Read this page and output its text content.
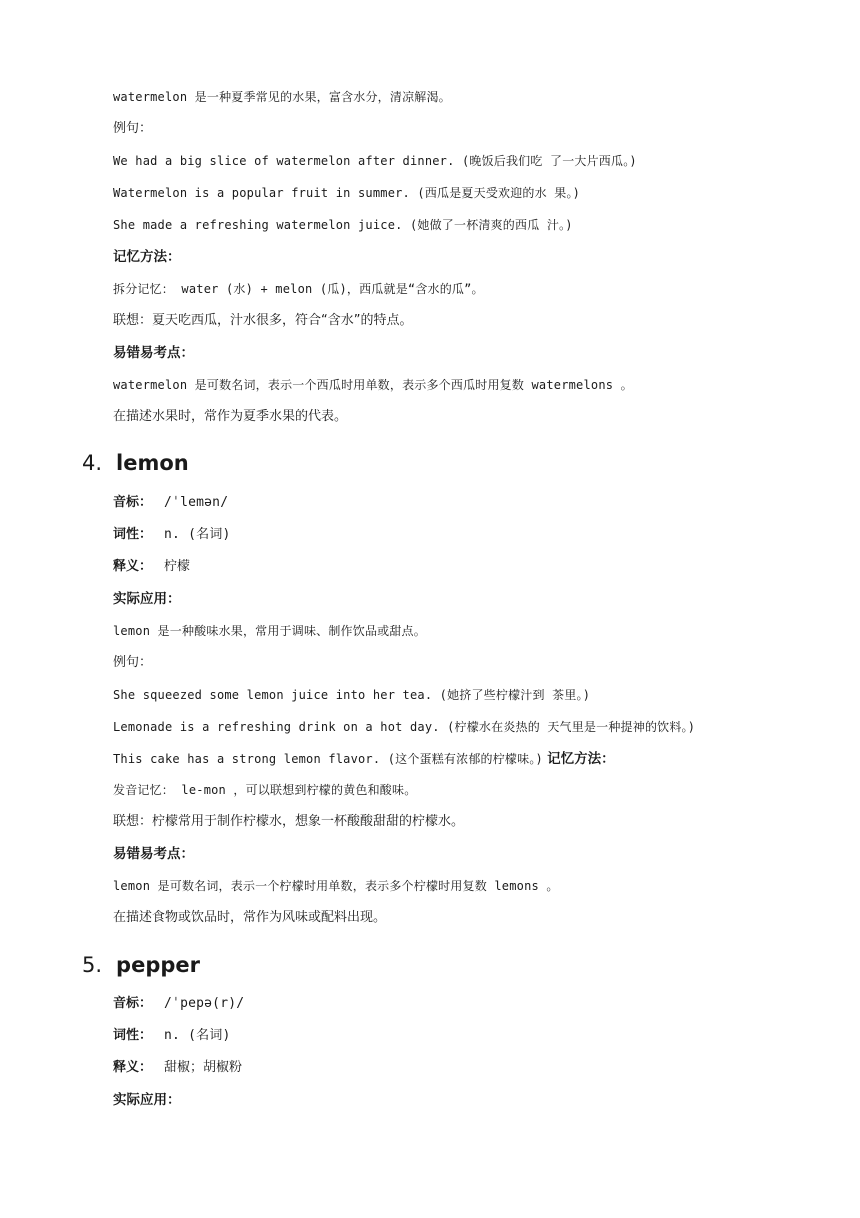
watermelon 是一种夏季常见的水果，富含水分，清凉解渴。
例句：
We had a big slice of watermelon after dinner. (晚饭后我们吃 了一大片西瓜。)
Watermelon is a popular fruit in summer. (西瓜是夏天受欢迎的水 果。)
She made a refreshing watermelon juice. (她做了一杯清爽的西瓜 汁。)
记忆方法：
拆分记忆： water (水) + melon (瓜)，西瓜就是“含水的瓜”。
联想：夏天吃西瓜，汁水很多，符合“含水”的特点。
易错易考点：
watermelon 是可数名词，表示一个西瓜时用单数，表示多个西瓜时用复数 watermelons 。
在描述水果时，常作为夏季水果的代表。
4. lemon
音标： /ˈlemən/
词性： n. (名词)
释义： 柠檬
实际应用：
lemon 是一种酸味水果，常用于调味、制作饮品或甜点。
例句：
She squeezed some lemon juice into her tea. (她挤了些柠檬汁到 茶里。)
Lemonade is a refreshing drink on a hot day. (柠檬水在炎热的 天气里是一种提神的饮料。)
This cake has a strong lemon flavor. (这个蛋糕有浓郁的柠檬味。) 记忆方法：
发音记忆： le-mon ，可以联想到柠檬的黄色和酸味。
联想：柠檬常用于制作柠檬水，想象一杯酸酸甜甜的柠檬水。
易错易考点：
lemon 是可数名词，表示一个柠檬时用单数，表示多个柠檬时用复数 lemons 。
在描述食物或饮品时，常作为风味或配料出现。
5. pepper
音标： /ˈpepə(r)/
词性： n. (名词)
释义： 甜椒；胡椒粉
实际应用：
